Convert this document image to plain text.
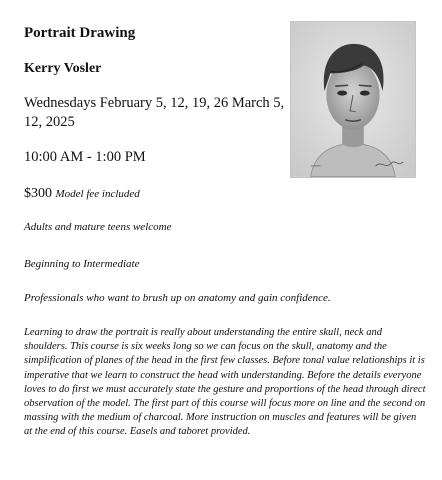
Portrait Drawing

Kerry Vosler

Wednesdays February 5, 12, 19, 26 March 5, 12, 2025

10:00 AM - 1:00 PM

$300 Model fee included

Adults and mature teens welcome

Beginning to Intermediate

Professionals who want to brush up on anatomy and gain confidence.

Learning to draw the portrait is really about understanding the entire skull, neck and shoulders. This course is six weeks long so we can focus on the skull, anatomy and the simplification of planes of the head in the first few classes. Before tonal value relationships it is imperative that we learn to construct the head with understanding. Before the details everyone loves to do first we must accurately state the gesture and proportions of the head through direct observation of the model. The first part of this course will focus more on line and the second on massing with the medium of charcoal. More instruction on muscles and features will be given at the end of this course. Easels and taboret provided.
